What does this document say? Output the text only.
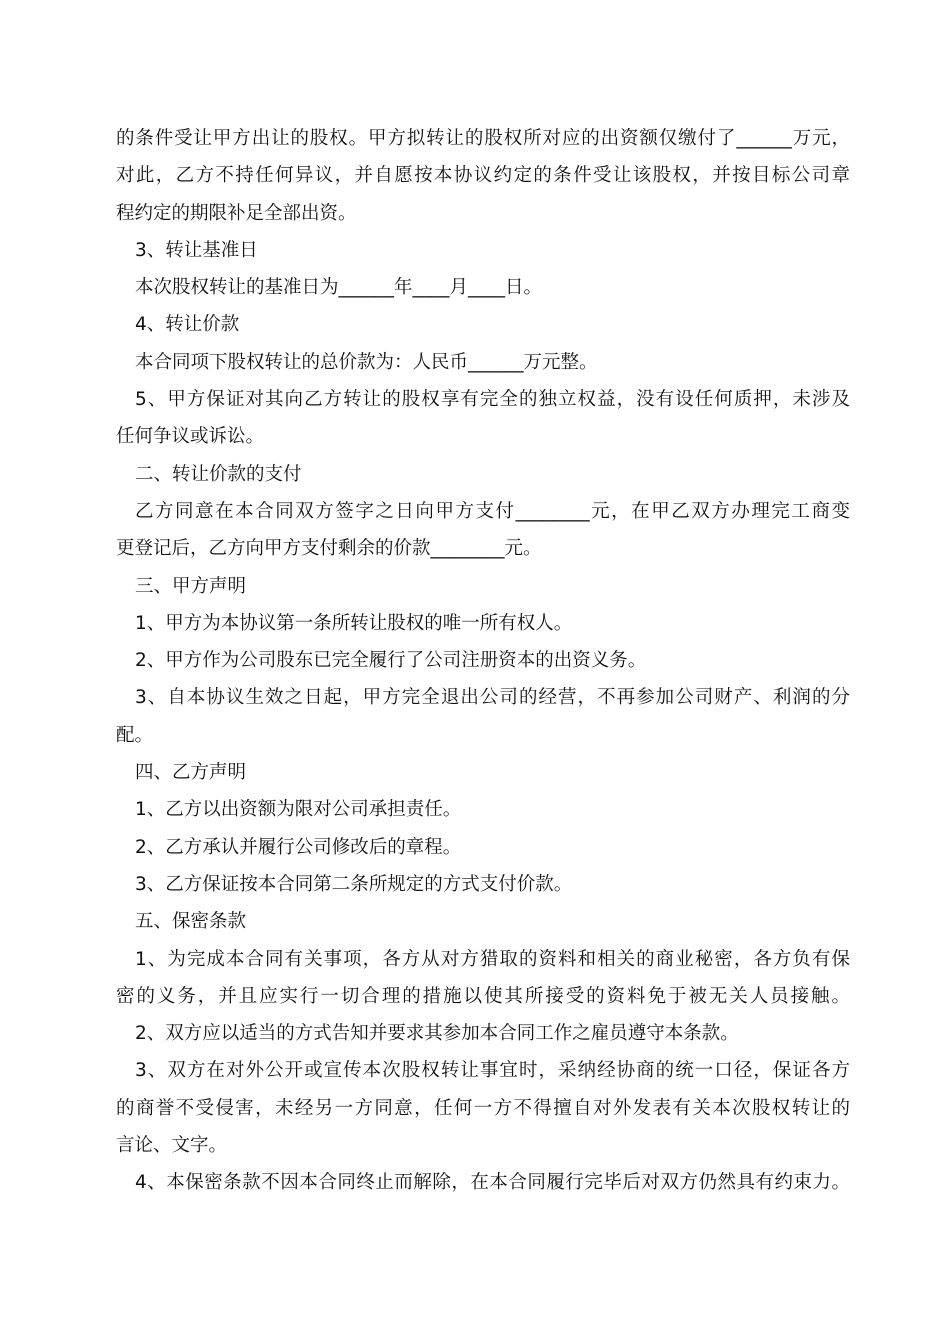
的条件受让甲方出让的股权。甲方拟转让的股权所对应的出资额仅缴付了______万元，
对此，乙方不持任何异议，并自愿按本协议约定的条件受让该股权，并按目标公司章
程约定的期限补足全部出资。
3、转让基准日
本次股权转让的基准日为______年____月____日。
4、转让价款
本合同项下股权转让的总价款为：人民币______万元整。
5、甲方保证对其向乙方转让的股权享有完全的独立权益，没有设任何质押，未涉及
任何争议或诉讼。
二、转让价款的支付
乙方同意在本合同双方签字之日向甲方支付________元，在甲乙双方办理完工商变
更登记后，乙方向甲方支付剩余的价款________元。
三、甲方声明
1、甲方为本协议第一条所转让股权的唯一所有权人。
2、甲方作为公司股东已完全履行了公司注册资本的出资义务。
3、自本协议生效之日起，甲方完全退出公司的经营，不再参加公司财产、利润的分
配。
四、乙方声明
1、乙方以出资额为限对公司承担责任。
2、乙方承认并履行公司修改后的章程。
3、乙方保证按本合同第二条所规定的方式支付价款。
五、保密条款
1、为完成本合同有关事项，各方从对方猎取的资料和相关的商业秘密，各方负有保
密的义务，并且应实行一切合理的措施以使其所接受的资料免于被无关人员接触。
2、双方应以适当的方式告知并要求其参加本合同工作之雇员遵守本条款。
3、双方在对外公开或宣传本次股权转让事宜时，采纳经协商的统一口径，保证各方
的商誉不受侵害，未经另一方同意，任何一方不得擅自对外发表有关本次股权转让的
言论、文字。
4、本保密条款不因本合同终止而解除，在本合同履行完毕后对双方仍然具有约束力。
